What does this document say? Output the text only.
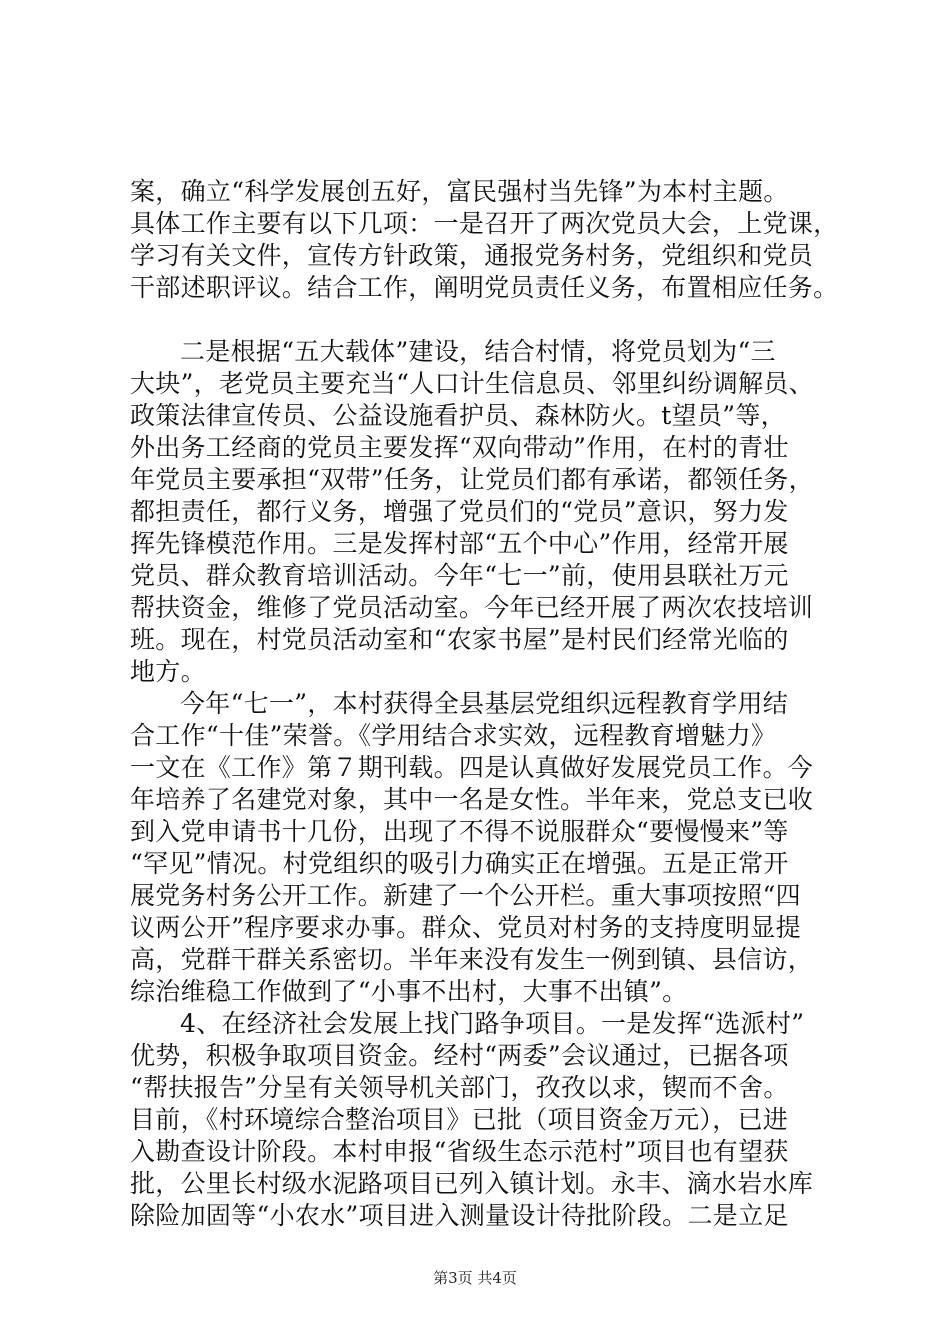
案，确立“科学发展创五好，富民强村当先锋”为本村主题。
具体工作主要有以下几项：一是召开了两次党员大会，上党课，
学习有关文件，宣传方针政策，通报党务村务，党组织和党员
干部述职评议。结合工作，阐明党员责任义务，布置相应任务。
二是根据“五大载体”建设，结合村情，将党员划为“三
大块”，老党员主要充当“人口计生信息员、邻里纠纷调解员、
政策法律宣传员、公益设施看护员、森林防火。t望员”等，
外出务工经商的党员主要发挥“双向带动”作用，在村的青壮
年党员主要承担“双带”任务，让党员们都有承诺，都领任务，
都担责任，都行义务，增强了党员们的“党员”意识，努力发
挥先锋模范作用。三是发挥村部“五个中心”作用，经常开展
党员、群众教育培训活动。今年“七一”前，使用县联社万元
帮扶资金，维修了党员活动室。今年已经开展了两次农技培训
班。现在，村党员活动室和“农家书屋”是村民们经常光临的
地方。
今年“七一”，本村获得全县基层党组织远程教育学用结
合工作“十佳”荣誉。《学用结合求实效，远程教育增魅力》
一文在《工作》第７期刊载。四是认真做好发展党员工作。今
年培养了名建党对象，其中一名是女性。半年来，党总支已收
到入党申请书十几份，出现了不得不说服群众“要慢慢来”等
“罕见”情况。村党组织的吸引力确实正在增强。五是正常开
展党务村务公开工作。新建了一个公开栏。重大事项按照“四
议两公开”程序要求办事。群众、党员对村务的支持度明显提
高，党群干群关系密切。半年来没有发生一例到镇、县信访，
综治维稳工作做到了“小事不出村，大事不出镇”。
4、在经济社会发展上找门路争项目。一是发挥“选派村”
优势，积极争取项目资金。经村“两委”会议通过，已据各项
“帮扶报告”分呈有关领导机关部门，孜孜以求，锲而不舍。
目前，《村环境综合整治项目》已批（项目资金万元），已进
入勘查设计阶段。本村申报“省级生态示范村”项目也有望获
批，公里长村级水泥路项目已列入镇计划。永丰、滴水岩水库
除险加固等“小农水”项目进入测量设计待批阶段。二是立足
第3页 共4页
